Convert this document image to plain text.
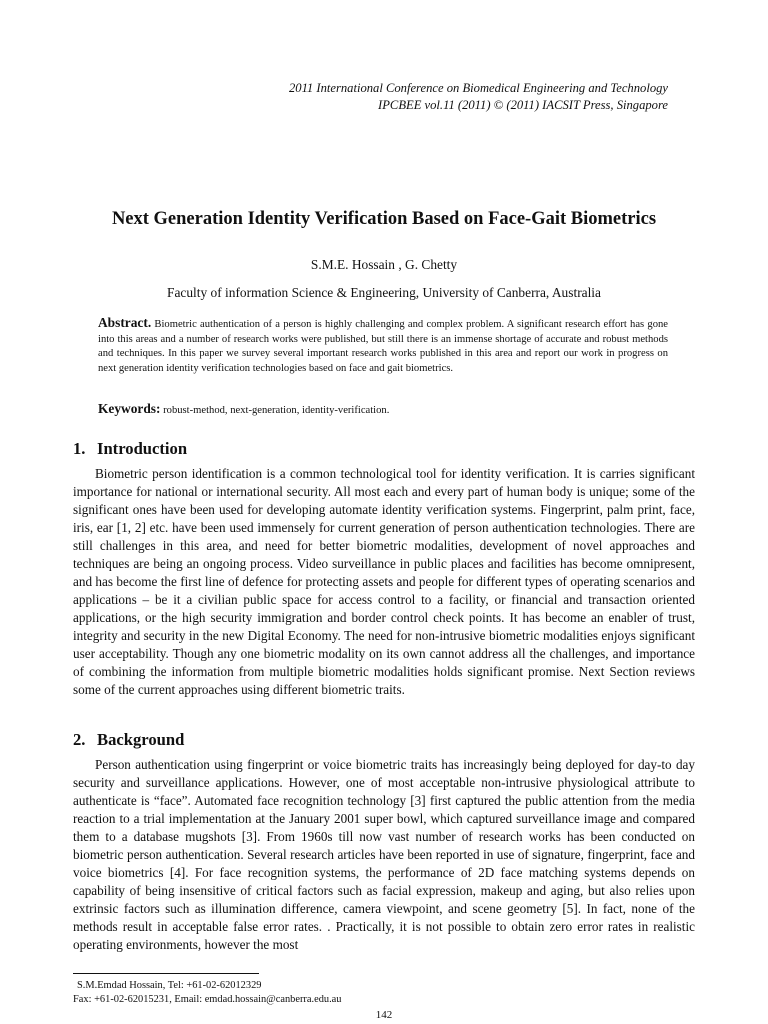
2011 International Conference on Biomedical Engineering and Technology
IPCBEE vol.11 (2011) © (2011) IACSIT Press, Singapore
Next Generation Identity Verification Based on Face-Gait Biometrics
S.M.E. Hossain , G. Chetty
Faculty of information Science & Engineering, University of Canberra, Australia
Abstract. Biometric authentication of a person is highly challenging and complex problem. A significant research effort has gone into this areas and a number of research works were published, but still there is an immense shortage of accurate and robust methods and techniques. In this paper we survey several important research works published in this area and report our work in progress on next generation identity verification technologies based on face and gait biometrics.
Keywords: robust-method, next-generation, identity-verification.
1. Introduction

Biometric person identification is a common technological tool for identity verification. It is carries significant importance for national or international security. All most each and every part of human body is unique; some of the significant ones have been used for developing automate identity verification systems. Fingerprint, palm print, face, iris, ear [1, 2] etc. have been used immensely for current generation of person authentication technologies. There are still challenges in this area, and need for better biometric modalities, development of novel approaches and techniques are being an ongoing process. Video surveillance in public places and facilities has become omnipresent, and has become the first line of defence for protecting assets and people for different types of operating scenarios and applications – be it a civilian public space for access control to a facility, or financial and transaction oriented applications, or the high security immigration and border control check points. It has become an enabler of trust, integrity and security in the new Digital Economy. The need for non-intrusive biometric modalities enjoys significant user acceptability. Though any one biometric modality on its own cannot address all the challenges, and importance of combining the information from multiple biometric modalities holds significant promise. Next Section reviews some of the current approaches using different biometric traits.

2. Background

Person authentication using fingerprint or voice biometric traits has increasingly being deployed for day-to day security and surveillance applications. However, one of most acceptable non-intrusive physiological attribute to authenticate is “face”. Automated face recognition technology [3] first captured the public attention from the media reaction to a trial implementation at the January 2001 super bowl, which captured surveillance image and compared them to a database mugshots [3]. From 1960s till now vast number of research works has been conducted on biometric person authentication. Several research articles have been reported in use of signature, fingerprint, face and voice biometrics [4]. For face recognition systems, the performance of 2D face matching systems depends on capability of being insensitive of critical factors such as facial expression, makeup and aging, but also relies upon extrinsic factors such as illumination difference, camera viewpoint, and scene geometry [5]. In fact, none of the methods result in acceptable false error rates. . Practically, it is not possible to obtain zero error rates in realistic operating environments, however the most

S.M.Emdad Hossain, Tel: +61-02-62012329
Fax: +61-02-62015231, Email: emdad.hossain@canberra.edu.au
142
